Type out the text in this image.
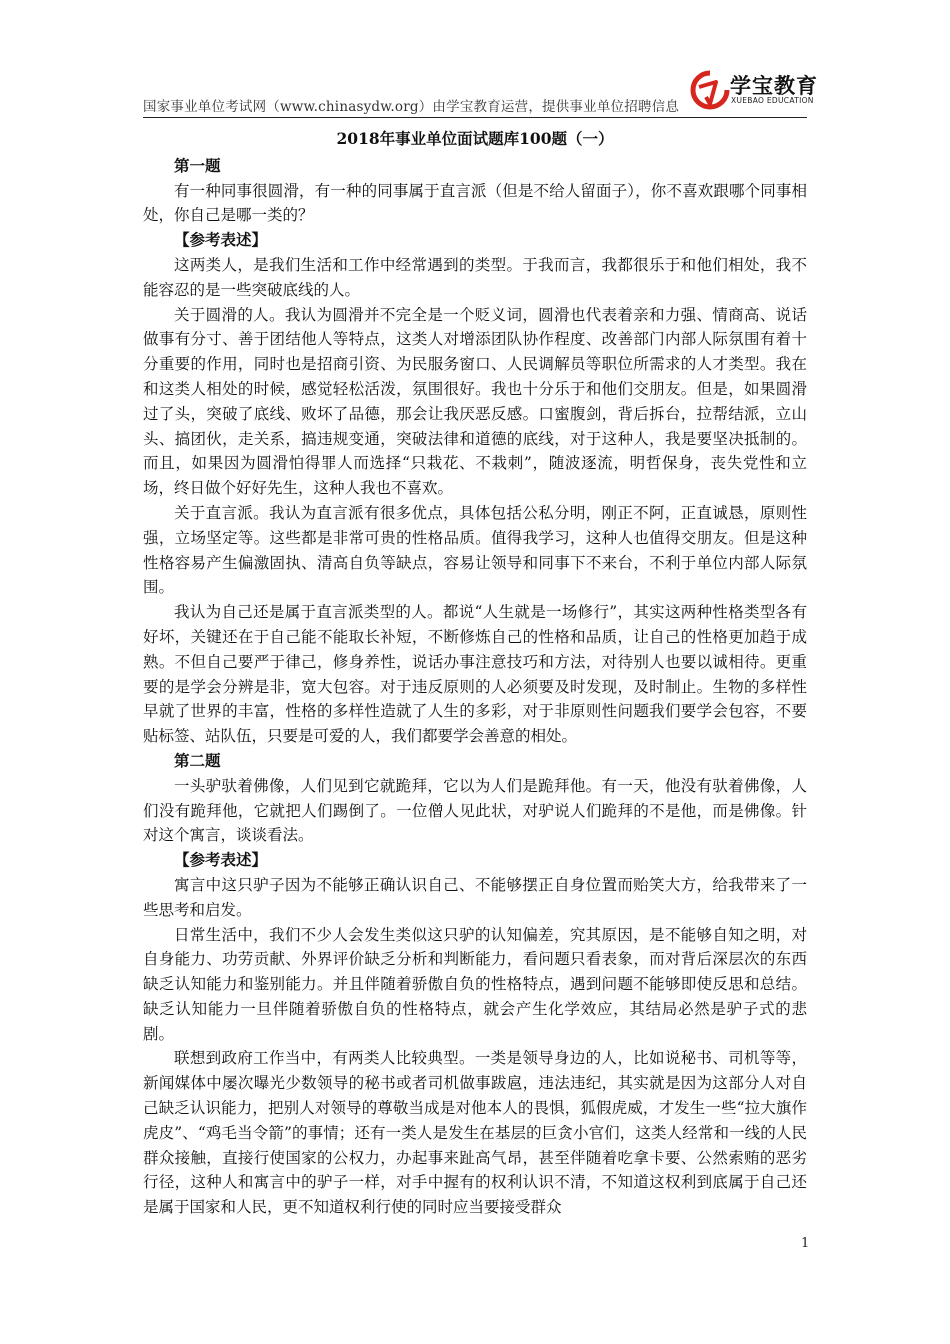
学宝教育
XUEBAO EDUCATION
国家事业单位考试网（www.chinasydw.org）由学宝教育运营，提供事业单位招聘信息
2018年事业单位面试题库100题（一）

第一题

有一种同事很圆滑，有一种的同事属于直言派（但是不给人留面子），你不喜欢跟哪个同事相处，你自己是哪一类的？

【参考表述】

这两类人，是我们生活和工作中经常遇到的类型。于我而言，我都很乐于和他们相处，我不能容忍的是一些突破底线的人。

关于圆滑的人。我认为圆滑并不完全是一个贬义词，圆滑也代表着亲和力强、情商高、说话做事有分寸、善于团结他人等特点，这类人对增添团队协作程度、改善部门内部人际氛围有着十分重要的作用，同时也是招商引资、为民服务窗口、人民调解员等职位所需求的人才类型。我在和这类人相处的时候，感觉轻松活泼，氛围很好。我也十分乐于和他们交朋友。但是，如果圆滑过了头，突破了底线、败坏了品德，那会让我厌恶反感。口蜜腹剑，背后拆台，拉帮结派，立山头、搞团伙，走关系，搞违规变通，突破法律和道德的底线，对于这种人，我是要坚决抵制的。而且，如果因为圆滑怕得罪人而选择“只栽花、不栽刺”，随波逐流，明哲保身，丧失党性和立场，终日做个好好先生，这种人我也不喜欢。

关于直言派。我认为直言派有很多优点，具体包括公私分明，刚正不阿，正直诚恳，原则性强，立场坚定等。这些都是非常可贵的性格品质。值得我学习，这种人也值得交朋友。但是这种性格容易产生偏激固执、清高自负等缺点，容易让领导和同事下不来台，不利于单位内部人际氛围。

我认为自己还是属于直言派类型的人。都说“人生就是一场修行”，其实这两种性格类型各有好坏，关键还在于自己能不能取长补短，不断修炼自己的性格和品质，让自己的性格更加趋于成熟。不但自己要严于律己，修身养性，说话办事注意技巧和方法，对待别人也要以诚相待。更重要的是学会分辨是非，宽大包容。对于违反原则的人必须要及时发现，及时制止。生物的多样性早就了世界的丰富，性格的多样性造就了人生的多彩，对于非原则性问题我们要学会包容，不要贴标签、站队伍，只要是可爱的人，我们都要学会善意的相处。

第二题

一头驴驮着佛像，人们见到它就跪拜，它以为人们是跪拜他。有一天，他没有驮着佛像，人们没有跪拜他，它就把人们踢倒了。一位僧人见此状，对驴说人们跪拜的不是他，而是佛像。针对这个寓言，谈谈看法。

【参考表述】

寓言中这只驴子因为不能够正确认识自己、不能够摆正自身位置而贻笑大方，给我带来了一些思考和启发。

日常生活中，我们不少人会发生类似这只驴的认知偏差，究其原因，是不能够自知之明，对自身能力、功劳贡献、外界评价缺乏分析和判断能力，看问题只看表象，而对背后深层次的东西缺乏认知能力和鉴别能力。并且伴随着骄傲自负的性格特点，遇到问题不能够即使反思和总结。缺乏认知能力一旦伴随着骄傲自负的性格特点，就会产生化学效应，其结局必然是驴子式的悲剧。

联想到政府工作当中，有两类人比较典型。一类是领导身边的人，比如说秘书、司机等等，新闻媒体中屡次曝光少数领导的秘书或者司机做事跋扈，违法违纪，其实就是因为这部分人对自己缺乏认识能力，把别人对领导的尊敬当成是对他本人的畏惧，狐假虎威，才发生一些“拉大旗作虎皮”、“鸡毛当令箭”的事情；还有一类人是发生在基层的巨贪小官们，这类人经常和一线的人民群众接触，直接行使国家的公权力，办起事来趾高气昂，甚至伴随着吃拿卡要、公然索贿的恶劣行径，这种人和寓言中的驴子一样，对手中握有的权利认识不清，不知道这权利到底属于自己还是属于国家和人民，更不知道权利行使的同时应当要接受群众

1
